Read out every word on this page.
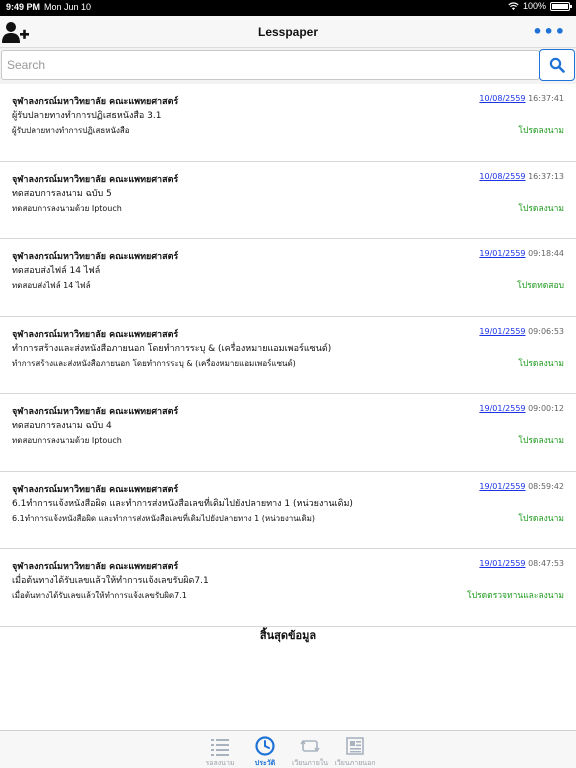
9:49 PM Mon Jun 10	100%
Lesspaper	•••
Search
จุฬาลงกรณ์มหาวิทยาลัย คณะแพทยศาสตร์
ผู้รับปลายทางทำการปฏิเสธหนังสือ 3.1
ผู้รับปลายทางทำการปฏิเสธหนังสือ
10/08/2559 16:37:41
โปรดลงนาม
จุฬาลงกรณ์มหาวิทยาลัย คณะแพทยศาสตร์
ทดสอบการลงนาม ฉบับ 5
ทดสอบการลงนามด้วย Iptouch
10/08/2559 16:37:13
โปรดลงนาม
จุฬาลงกรณ์มหาวิทยาลัย คณะแพทยศาสตร์
ทดสอบส่งไฟล์ 14 ไฟล์
ทดสอบส่งไฟล์ 14 ไฟล์
19/01/2559 09:18:44
โปรดทดสอบ
จุฬาลงกรณ์มหาวิทยาลัย คณะแพทยศาสตร์
ทำการสร้างและส่งหนังสือภายนอก โดยทำการระบุ & (เครื่องหมายแอมเพอร์แซนด์)
ทำการสร้างและส่งหนังสือภายนอก โดยทำการระบุ & (เครื่องหมายแอมเพอร์แซนด์)
19/01/2559 09:06:53
โปรดลงนาม
จุฬาลงกรณ์มหาวิทยาลัย คณะแพทยศาสตร์
ทดสอบการลงนาม ฉบับ 4
ทดสอบการลงนามด้วย Iptouch
19/01/2559 09:00:12
โปรดลงนาม
จุฬาลงกรณ์มหาวิทยาลัย คณะแพทยศาสตร์
6.1ทำการแจ้งหนังสือผิด และทำการส่งหนังสือเลขที่เดิมไปยังปลายทาง 1 (หน่วยงานเดิม)
6.1ทำการแจ้งหนังสือผิด และทำการส่งหนังสือเลขที่เดิมไปยังปลายทาง 1 (หน่วยงานเดิม)
19/01/2559 08:59:42
โปรดลงนาม
จุฬาลงกรณ์มหาวิทยาลัย คณะแพทยศาสตร์
เมื่อต้นทางได้รับเลขแล้วให้ทำการแจ้งเลขรับผิด7.1
เมื่อต้นทางได้รับเลขแล้วให้ทำการแจ้งเลขรับผิด7.1
19/01/2559 08:47:53
โปรดตรวจทานและลงนาม
สิ้นสุดข้อมูล
รอลงนาม	ประวัติ	เวียนภายใน เวียนภายนอก
